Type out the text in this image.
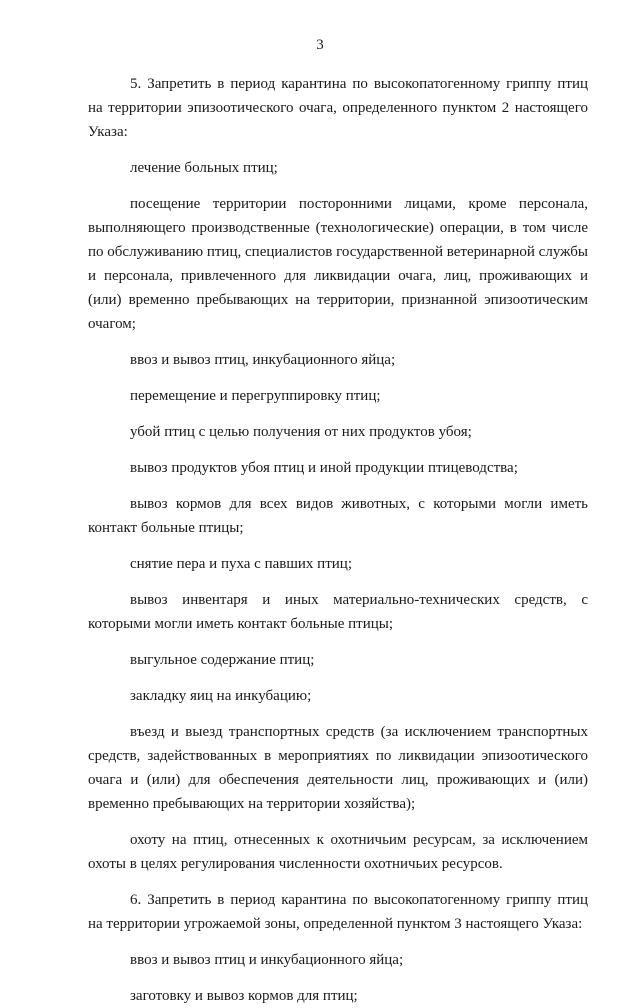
3

5. Запретить в период карантина по высокопатогенному гриппу птиц на территории эпизоотического очага, определенного пунктом 2 настоящего Указа:

лечение больных птиц;

посещение территории посторонними лицами, кроме персонала, выполняющего производственные (технологические) операции, в том числе по обслуживанию птиц, специалистов государственной ветеринарной службы и персонала, привлеченного для ликвидации очага, лиц, проживающих и (или) временно пребывающих на территории, признанной эпизоотическим очагом;

ввоз и вывоз птиц, инкубационного яйца;

перемещение и перегруппировку птиц;

убой птиц с целью получения от них продуктов убоя;

вывоз продуктов убоя птиц и иной продукции птицеводства;

вывоз кормов для всех видов животных, с которыми могли иметь контакт больные птицы;

снятие пера и пуха с павших птиц;

вывоз инвентаря и иных материально-технических средств, с которыми могли иметь контакт больные птицы;

выгульное содержание птиц;

закладку яиц на инкубацию;

въезд и выезд транспортных средств (за исключением транспортных средств, задействованных в мероприятиях по ликвидации эпизоотического очага и (или) для обеспечения деятельности лиц, проживающих и (или) временно пребывающих на территории хозяйства);

охоту на птиц, отнесенных к охотничьим ресурсам, за исключением охоты в целях регулирования численности охотничьих ресурсов.

6. Запретить в период карантина по высокопатогенному гриппу птиц на территории угрожаемой зоны, определенной пунктом 3 настоящего Указа:

ввоз и вывоз птиц и инкубационного яйца;

заготовку и вывоз кормов для птиц;
